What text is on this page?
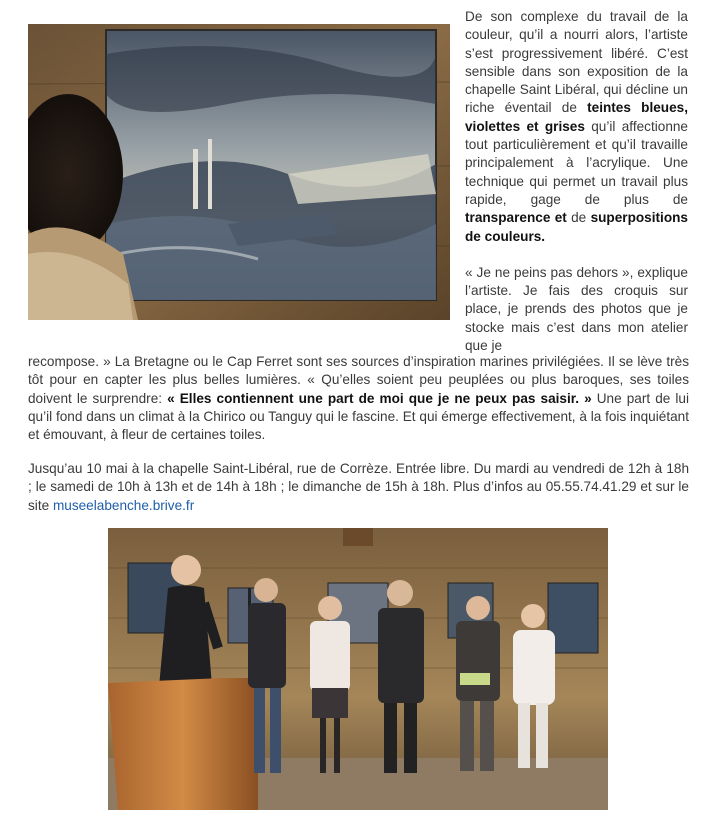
De son complexe du travail de la couleur, qu’il a nourri alors, l’artiste s’est progressivement libéré. C’est sensible dans son exposition de la chapelle Saint Libéral, qui décline un riche éventail de teintes bleues, violettes et grises qu’il affectionne tout particulièrement et qu’il travaille principalement à l’acrylique. Une technique qui permet un travail plus rapide, gage de plus de transparence et de superpositions de couleurs.

« Je ne peins pas dehors », explique l’artiste. Je fais des croquis sur place, je prends des photos que je stocke mais c’est dans mon atelier que je

recompose. » La Bretagne ou le Cap Ferret sont ses sources d’inspiration marines privilégiées. Il se lève très tôt pour en capter les plus belles lumières. « Qu’elles soient peu peuplées ou plus baroques, ses toiles doivent le surprendre: « Elles contiennent une part de moi que je ne peux pas saisir. » Une part de lui qu’il fond dans un climat à la Chirico ou Tanguy qui le fascine. Et qui émerge effectivement, à la fois inquiétant et émouvant, à fleur de certaines toiles.
Jusqu’au 10 mai à la chapelle Saint-Libéral, rue de Corrèze. Entrée libre. Du mardi au vendredi de 12h à 18h ; le samedi de 10h à 13h et de 14h à 18h ; le dimanche de 15h à 18h. Plus d’infos au 05.55.74.41.29 et sur le site museelabenche.brive.fr
